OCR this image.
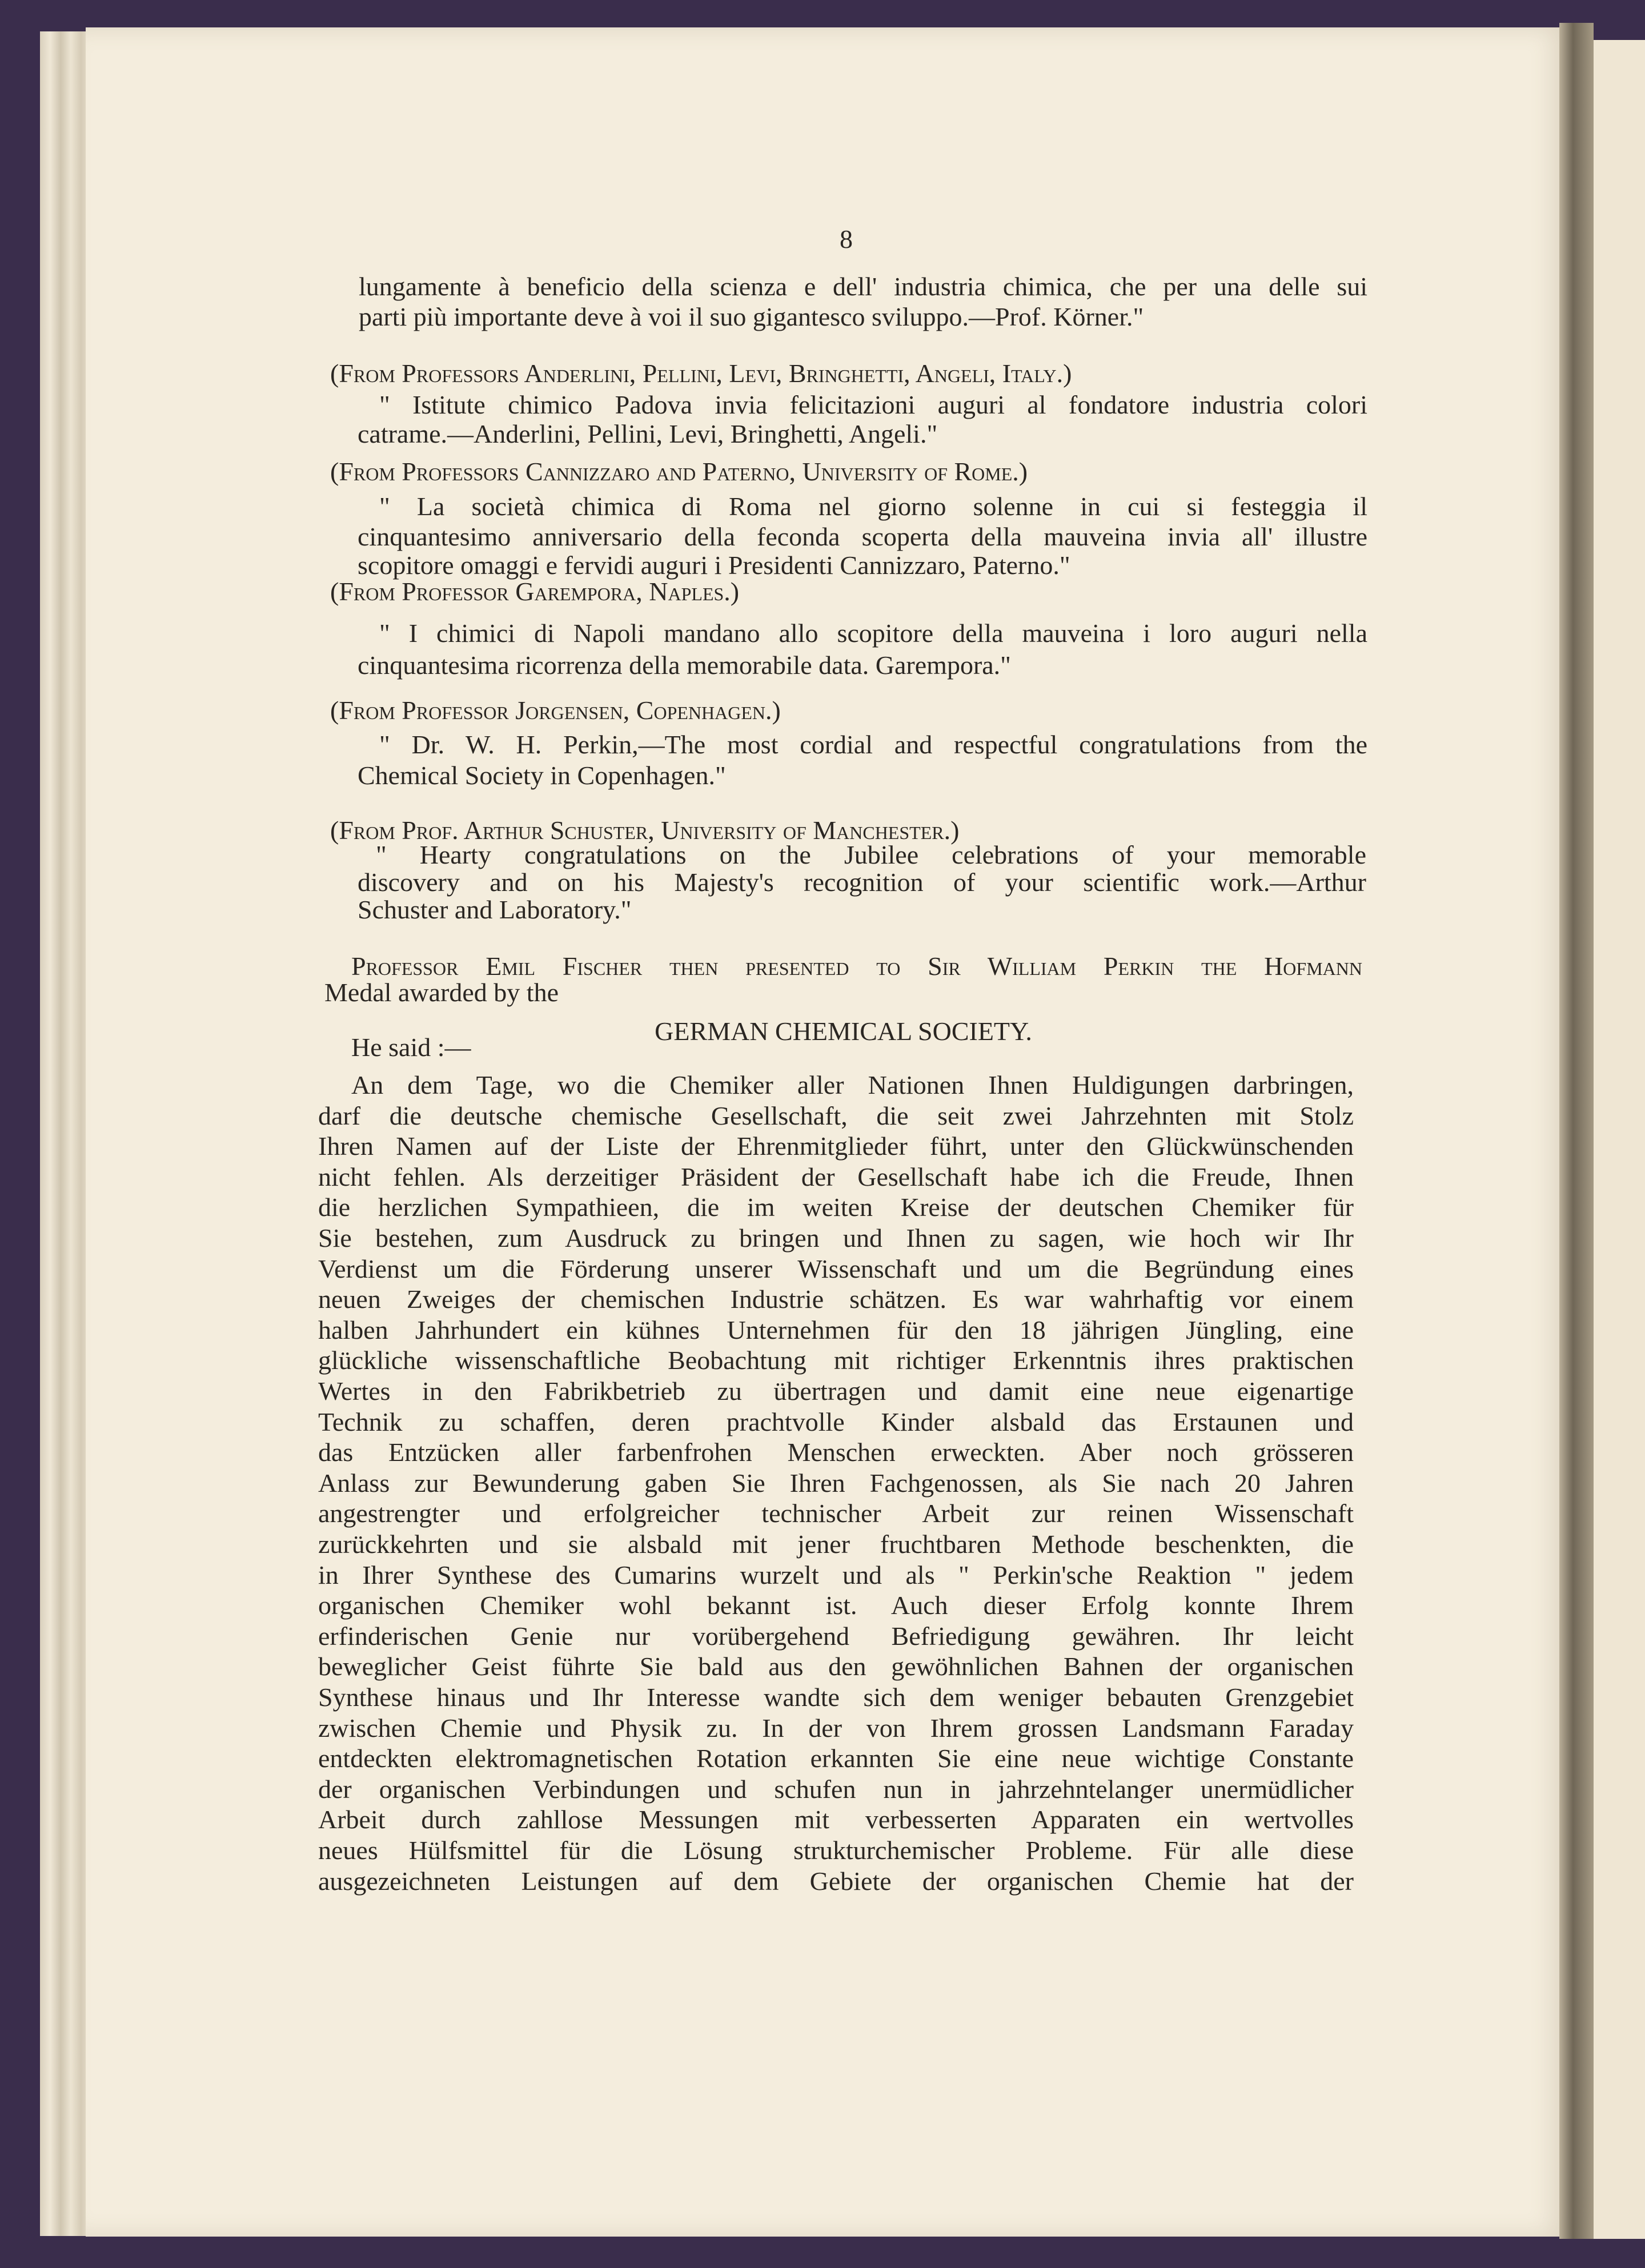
8
lungamente à beneficio della scienza e dell' industria chimica, che per una delle sui
parti più importante deve à voi il suo gigantesco sviluppo.—Prof. Körner."
(From Professors Anderlini, Pellini, Levi, Bringhetti, Angeli, Italy.)
" Istitute chimico Padova invia felicitazioni auguri al fondatore industria colori
catrame.—Anderlini, Pellini, Levi, Bringhetti, Angeli."
(From Professors Cannizzaro and Paterno, University of Rome.)
" La società chimica di Roma nel giorno solenne in cui si festeggia il
cinquantesimo anniversario della feconda scoperta della mauveina invia all' illustre
scopitore omaggi e fervidi auguri i Presidenti Cannizzaro, Paterno."
(From Professor Garempora, Naples.)
" I chimici di Napoli mandano allo scopitore della mauveina i loro auguri nella
cinquantesima ricorrenza della memorabile data. Garempora."
(From Professor Jorgensen, Copenhagen.)
" Dr. W. H. Perkin,—The most cordial and respectful congratulations from the
Chemical Society in Copenhagen."
(From Prof. Arthur Schuster, University of Manchester.)
" Hearty congratulations on the Jubilee celebrations of your memorable
discovery and on his Majesty's recognition of your scientific work.—Arthur
Schuster and Laboratory."
Professor Emil Fischer then presented to Sir William Perkin the Hofmann
Medal awarded by the
GERMAN CHEMICAL SOCIETY.
He said :—
An dem Tage, wo die Chemiker aller Nationen Ihnen Huldigungen darbringen,
darf die deutsche chemische Gesellschaft, die seit zwei Jahrzehnten mit Stolz
Ihren Namen auf der Liste der Ehrenmitglieder führt, unter den Glückwünschenden
nicht fehlen. Als derzeitiger Präsident der Gesellschaft habe ich die Freude, Ihnen
die herzlichen Sympathieen, die im weiten Kreise der deutschen Chemiker für
Sie bestehen, zum Ausdruck zu bringen und Ihnen zu sagen, wie hoch wir Ihr
Verdienst um die Förderung unserer Wissenschaft und um die Begründung eines
neuen Zweiges der chemischen Industrie schätzen. Es war wahrhaftig vor einem
halben Jahrhundert ein kühnes Unternehmen für den 18 jährigen Jüngling, eine
glückliche wissenschaftliche Beobachtung mit richtiger Erkenntnis ihres praktischen
Wertes in den Fabrikbetrieb zu übertragen und damit eine neue eigenartige
Technik zu schaffen, deren prachtvolle Kinder alsbald das Erstaunen und
das Entzücken aller farbenfrohen Menschen erweckten. Aber noch grösseren
Anlass zur Bewunderung gaben Sie Ihren Fachgenossen, als Sie nach 20 Jahren
angestrengter und erfolgreicher technischer Arbeit zur reinen Wissenschaft
zurückkehrten und sie alsbald mit jener fruchtbaren Methode beschenkten, die
in Ihrer Synthese des Cumarins wurzelt und als " Perkin'sche Reaktion " jedem
organischen Chemiker wohl bekannt ist. Auch dieser Erfolg konnte Ihrem
erfinderischen Genie nur vorübergehend Befriedigung gewähren. Ihr leicht
beweglicher Geist führte Sie bald aus den gewöhnlichen Bahnen der organischen
Synthese hinaus und Ihr Interesse wandte sich dem weniger bebauten Grenzgebiet
zwischen Chemie und Physik zu. In der von Ihrem grossen Landsmann Faraday
entdeckten elektromagnetischen Rotation erkannten Sie eine neue wichtige Constante
der organischen Verbindungen und schufen nun in jahrzehntelanger unermüdlicher
Arbeit durch zahllose Messungen mit verbesserten Apparaten ein wertvolles
neues Hülfsmittel für die Lösung strukturchemischer Probleme. Für alle diese
ausgezeichneten Leistungen auf dem Gebiete der organischen Chemie hat der
